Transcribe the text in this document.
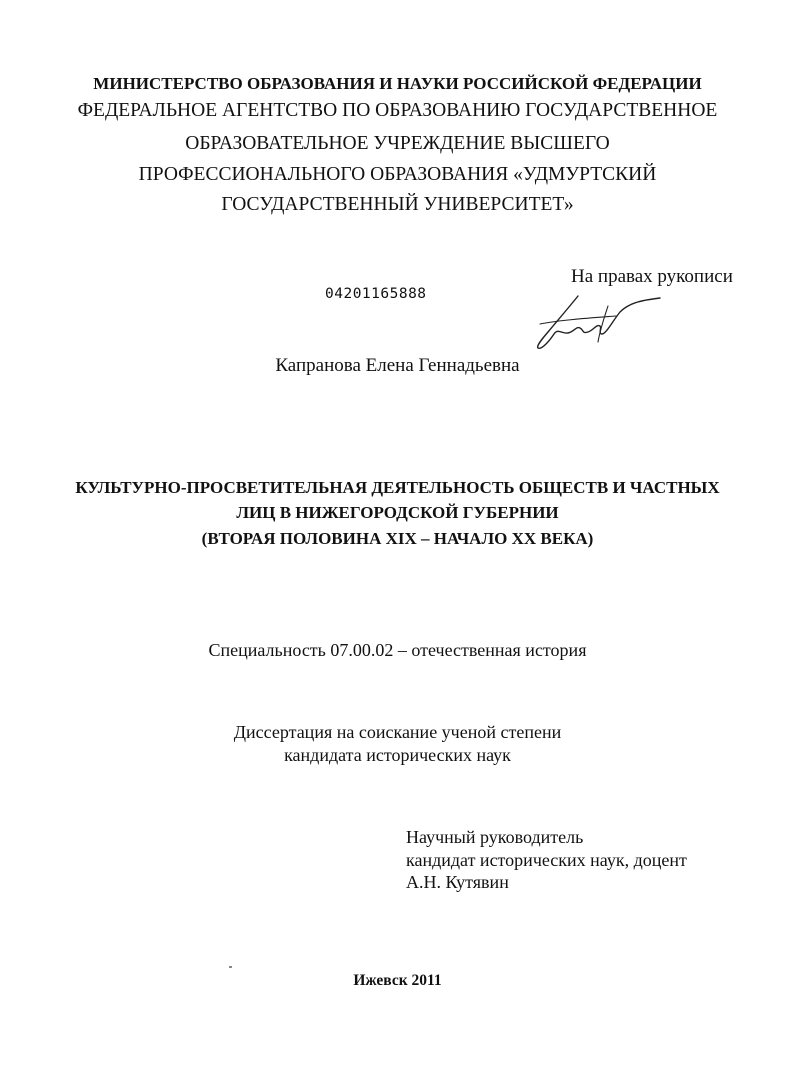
МИНИСТЕРСТВО ОБРАЗОВАНИЯ И НАУКИ РОССИЙСКОЙ ФЕДЕРАЦИИ
ФЕДЕРАЛЬНОЕ АГЕНТСТВО ПО ОБРАЗОВАНИЮ ГОСУДАРСТВЕННОЕ
ОБРАЗОВАТЕЛЬНОЕ УЧРЕЖДЕНИЕ ВЫСШЕГО
ПРОФЕССИОНАЛЬНОГО ОБРАЗОВАНИЯ «УДМУРТСКИЙ
ГОСУДАРСТВЕННЫЙ УНИВЕРСИТЕТ»
На правах рукописи
04201165888
Капранова Елена Геннадьевна
КУЛЬТУРНО-ПРОСВЕТИТЕЛЬНАЯ ДЕЯТЕЛЬНОСТЬ ОБЩЕСТВ И ЧАСТНЫХ
ЛИЦ В НИЖЕГОРОДСКОЙ ГУБЕРНИИ
(ВТОРАЯ ПОЛОВИНА XIX – НАЧАЛО XX ВЕКА)
Специальность 07.00.02 – отечественная история
Диссертация на соискание ученой степени
кандидата исторических наук
Научный руководитель
кандидат исторических наук, доцент
А.Н. Кутявин
Ижевск 2011
